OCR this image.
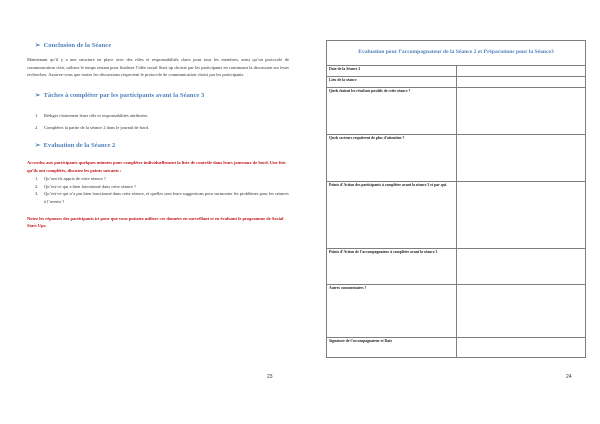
➢ Conclusion de la Séance

Maintenant qu’il y a une structure en place avec des rôles et responsabilités clairs pour tous les membres, ainsi qu’un protocole de communication clair, utilisez le temps restant pour finaliser l’idée social Start up choisie par les participants en continuant la discussion sur leurs recherches. Assurez-vous que toutes les discussions respectent le protocole de communication choisi par les participants.

➢ Tâches à compléter par les participants avant la Séance 3
1.	Rédiger clairement leurs rôle et responsabilités attribuées.
2.	Complétez la partie de la séance 2 dans le journal de bord.
➢ Evaluation de la Séance 2

Accordez aux participants quelques minutes pour compléter individuellement la liste de contrôle dans leurs journaux de bord. Une fois qu’ils ont complétés, discutez les points suivants :

1.	Qu’ont-ils appris de cette séance ?
2.	Qu’est-ce qui a bien fonctionné dans cette séance ?
3.	Qu’est-ce qui n’a pas bien fonctionné dans cette séance, et quelles sont leurs suggestions pour surmonter les problèmes pour les séances à l’avenir ?

Notez les réponses des participants ici pour que vous puissiez utiliser ces données en surveillant et en évaluant le programme de Social Start Ups.

23
Evaluation pour l’accompagnateur de la Séance 2 et Préparations pour la Séance3	
Date de la Séance 2	
Lieu de la séance	
Quels étaient les résultats positifs de cette séance ?	
Quels secteurs requièrent de plus d’attention ?	
Points d’Action des participants à compléter avant la séance 3 et par qui.	
Points d’Action de l’accompagnateur à compléter avant la séance 3	
Autres commentaires ?	
Signature de l’accompagnateur et Date	
24
